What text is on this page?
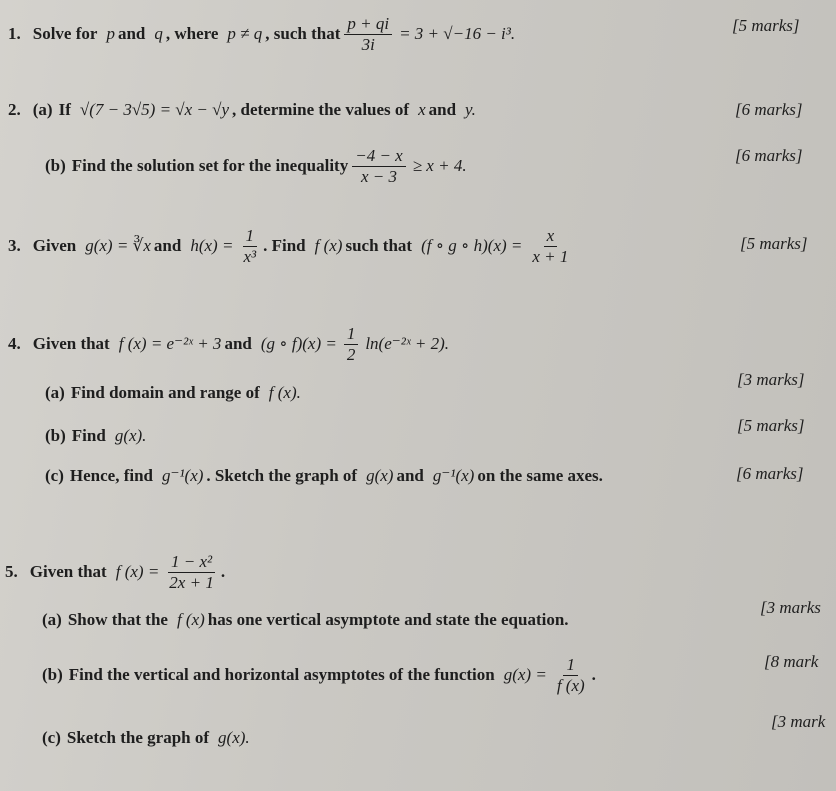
1. Solve for p and q , where p ≠ q , such that $\frac{p + qi}{3i} = 3 + √-16 - i^3$.	[5 marks]
2. (a) If √(7 − 3√5) = √x − √y , determine the values of x and y.	[6 marks]
(b) Find the solution set for the inequality $\frac{-4 - x}{x - 3} \ge x + 4$.
[6 marks]
3. Given g(x) = ∛x and $h(x) = \frac{1}{\text{x³}}$ . Find f (x) such that (f ∘ g ∘ $h)(x) = \frac{x}{x + 1}$	[5 marks]
4. Given that f (x) = e⁻²ˣ + 3 and (g ∘ $f)(x) = \frac{1}{2}$ ln(e⁻²ˣ + 2).
(a) Find domain and range of f (x).
[3 marks]
(b) Find g(x).
[5 marks]
(c) Hence, find g⁻¹(x) . Sketch the graph of g(x) and g⁻¹(x) on the same axes.	[6 marks]
5. Given that f $(x) = \frac{\text{1 − x²}}{2x + 1}$ .
(a) Show that the f (x) has one vertical asymptote and state the equation.
[3 marks
(b) Find the vertical and horizontal asymptotes of the function $g(x) = \frac{1}{f (x)}$ .
[8 mark
(c) Sketch the graph of g(x).
[3 mark
